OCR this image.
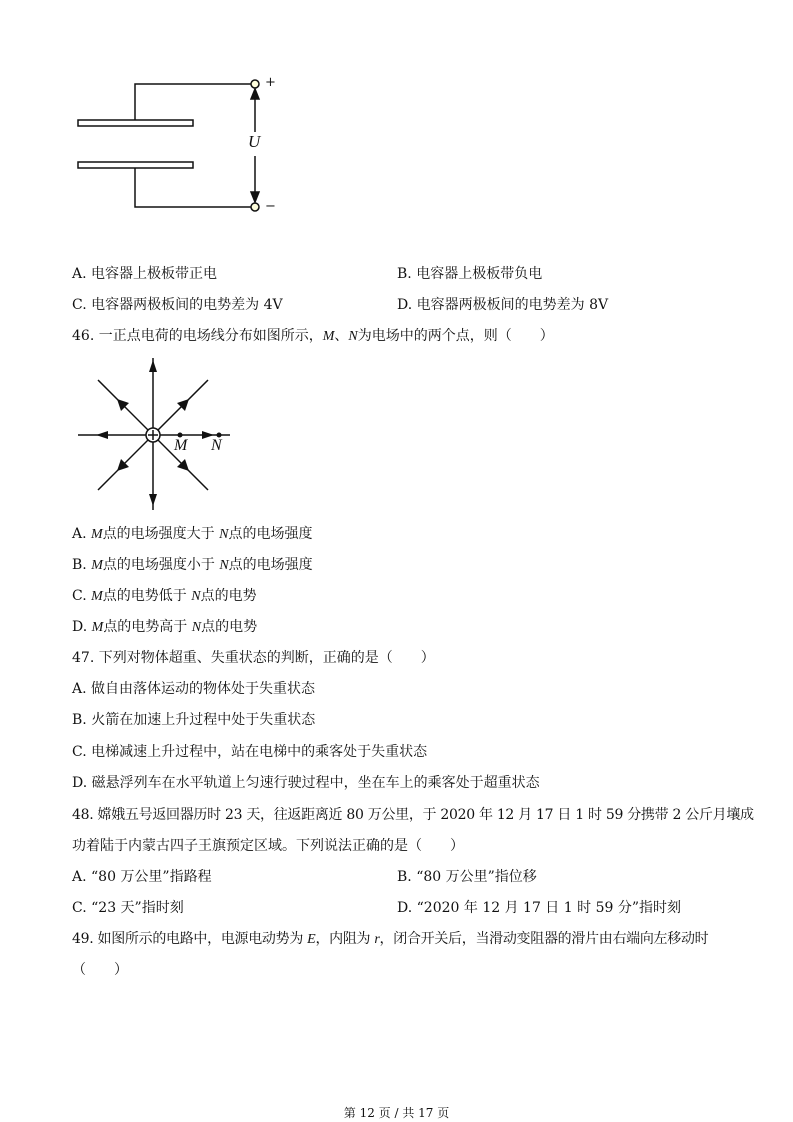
+
−
U
M N
A. 电容器上极板带正电	B. 电容器上极板带负电
C. 电容器两极板间的电势差为 4V	D. 电容器两极板间的电势差为 8V
46. 一正点电荷的电场线分布如图所示，M、N为电场中的两个点，则（　　）
A. M点的电场强度大于 N点的电场强度
B. M点的电场强度小于 N点的电场强度
C. M点的电势低于 N点的电势
D. M点的电势高于 N点的电势
47. 下列对物体超重、失重状态的判断，正确的是（　　）
A. 做自由落体运动的物体处于失重状态
B. 火箭在加速上升过程中处于失重状态
C. 电梯减速上升过程中，站在电梯中的乘客处于失重状态
D. 磁悬浮列车在水平轨道上匀速行驶过程中，坐在车上的乘客处于超重状态
48. 嫦娥五号返回器历时 23 天，往返距离近 80 万公里，于 2020 年 12 月 17 日 1 时 59 分携带 2 公斤月壤成
功着陆于内蒙古四子王旗预定区域。下列说法正确的是（　　）
A. “80 万公里”指路程	B. “80 万公里”指位移
C. “23 天”指时刻	D. “2020 年 12 月 17 日 1 时 59 分”指时刻
49. 如图所示的电路中，电源电动势为 E，内阻为 r，闭合开关后，当滑动变阻器的滑片由右端向左移动时
（　　）
第 12 页 / 共 17 页
